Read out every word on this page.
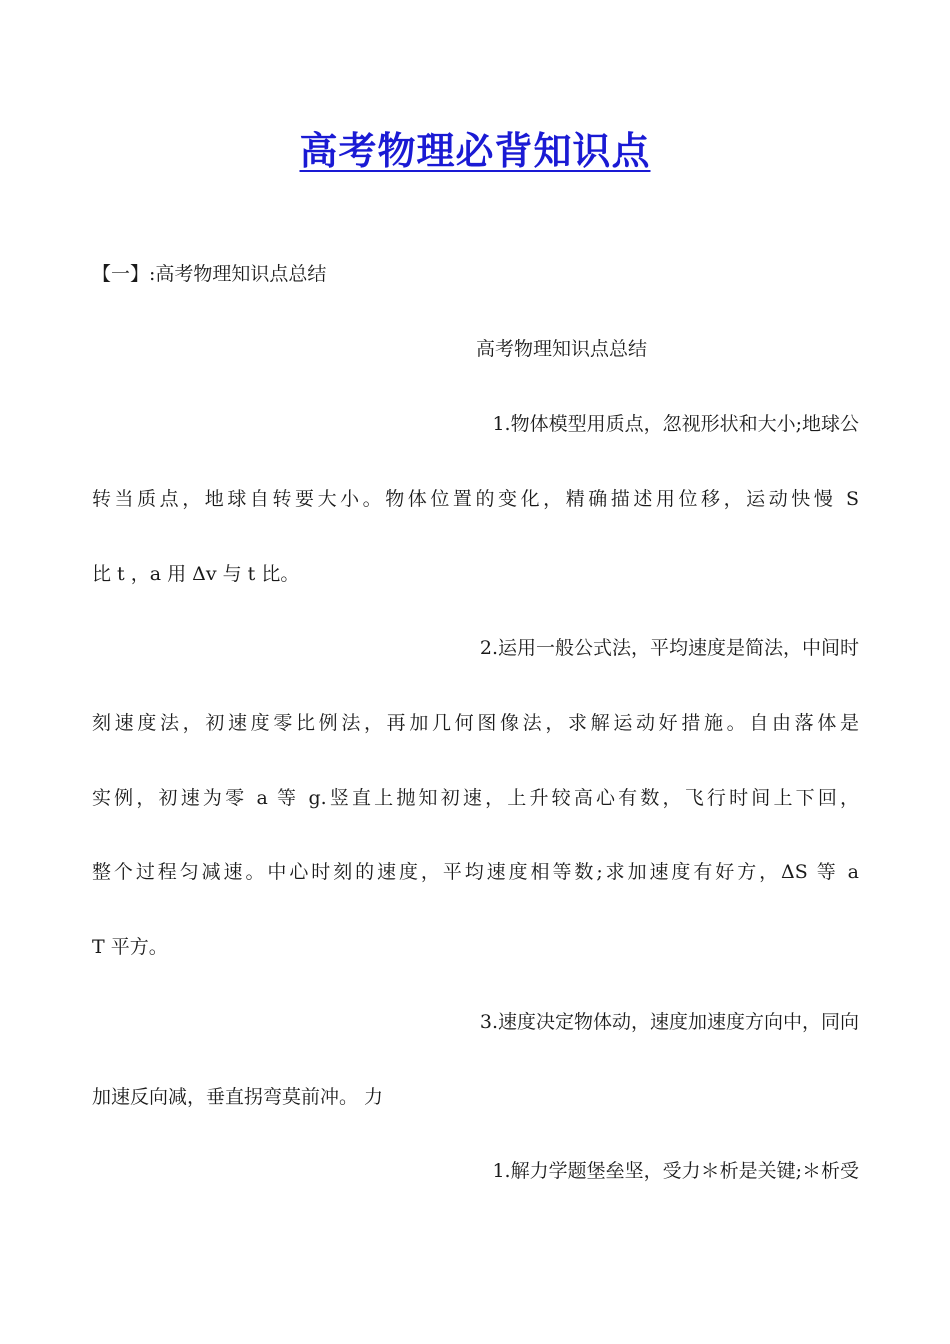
高考物理必背知识点
【一】:高考物理知识点总结
高考物理知识点总结
1.物体模型用质点，忽视形状和大小;地球公
转当质点，地球自转要大小。物体位置的变化，精确描述用位移，运动快慢 S
比 t ，a 用 Δv 与 t 比。
2.运用一般公式法，平均速度是简法，中间时
刻速度法，初速度零比例法，再加几何图像法，求解运动好措施。自由落体是
实例，初速为零 a 等 g.竖直上抛知初速，上升较高心有数，飞行时间上下回，
整个过程匀减速。中心时刻的速度，平均速度相等数;求加速度有好方，ΔS 等 a
T 平方。
3.速度决定物体动，速度加速度方向中，同向
加速反向减，垂直拐弯莫前冲。 力
1.解力学题堡垒坚，受力＊析是关键;＊析受
